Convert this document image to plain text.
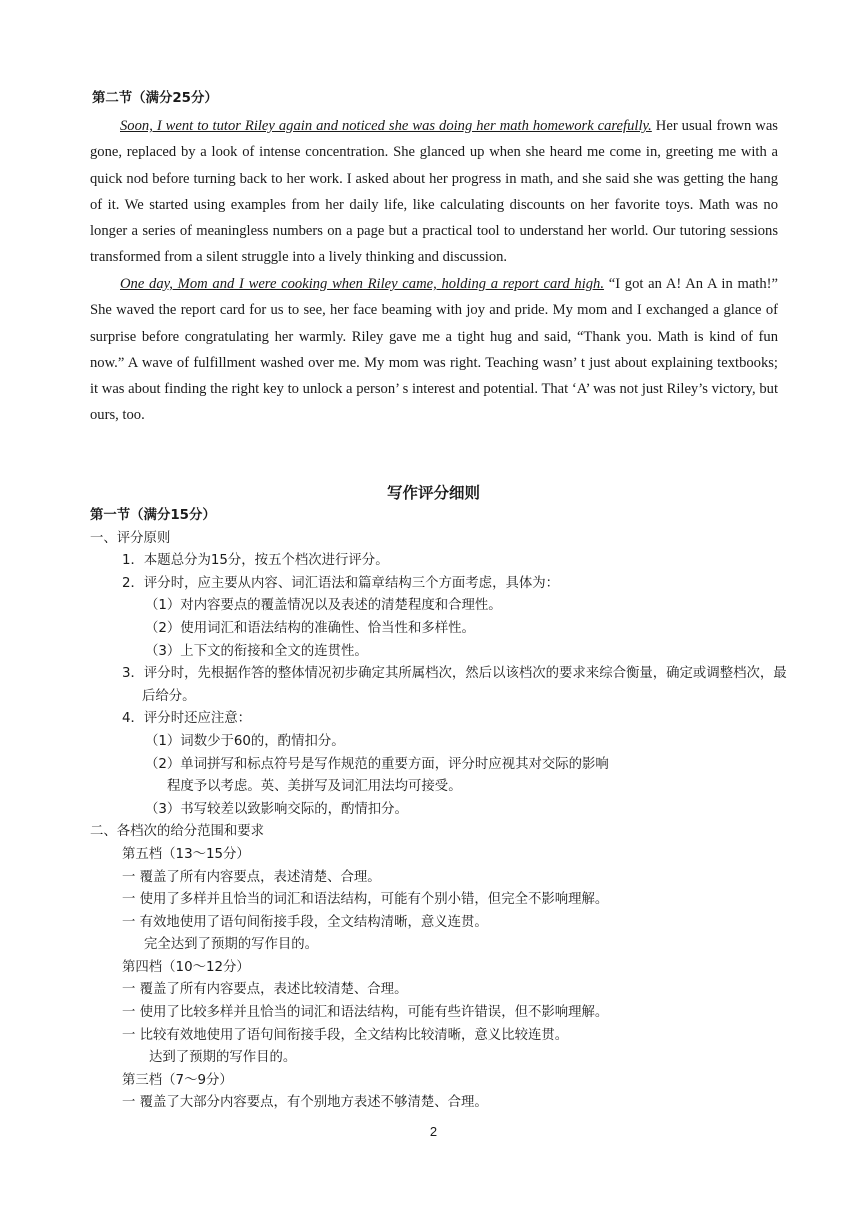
第二节（满分25分）

Soon, I went to tutor Riley again and noticed she was doing her math homework carefully. Her usual frown was gone, replaced by a look of intense concentration. She glanced up when she heard me come in, greeting me with a quick nod before turning back to her work. I asked about her progress in math, and she said she was getting the hang of it. We started using examples from her daily life, like calculating discounts on her favorite toys. Math was no longer a series of meaningless numbers on a page but a practical tool to understand her world. Our tutoring sessions transformed from a silent struggle into a lively thinking and discussion.

One day, Mom and I were cooking when Riley came, holding a report card high. “I got an A! An A in math!” She waved the report card for us to see, her face beaming with joy and pride. My mom and I exchanged a glance of surprise before congratulating her warmly. Riley gave me a tight hug and said, “Thank you. Math is kind of fun now.” A wave of fulfillment washed over me. My mom was right. Teaching wasn’ t just about explaining textbooks; it was about finding the right key to unlock a person’ s interest and potential. That ‘A’ was not just Riley’s victory, but ours, too.

写作评分细则
第一节（满分15分）
一、评分原则
1．本题总分为15分，按五个档次进行评分。
2．评分时，应主要从内容、词汇语法和篇章结构三个方面考虑，具体为：
（1）对内容要点的覆盖情况以及表述的清楚程度和合理性。
（2）使用词汇和语法结构的准确性、恰当性和多样性。
（3）上下文的衔接和全文的连贯性。
3．评分时，先根据作答的整体情况初步确定其所属档次，然后以该档次的要求来综合衡量，确定或调整档次，最后给分。
4．评分时还应注意：
（1）词数少于60的，酌情扣分。
（2）单词拼写和标点符号是写作规范的重要方面，评分时应视其对交际的影响
程度予以考虑。英、美拼写及词汇用法均可接受。
（3）书写较差以致影响交际的，酌情扣分。
二、各档次的给分范围和要求
第五档（13～15分）
一 覆盖了所有内容要点，表述清楚、合理。
一 使用了多样并且恰当的词汇和语法结构，可能有个别小错，但完全不影响理解。
一 有效地使用了语句间衔接手段，全文结构清晰，意义连贯。
完全达到了预期的写作目的。
第四档（10～12分）
一 覆盖了所有内容要点，表述比较清楚、合理。
一 使用了比较多样并且恰当的词汇和语法结构，可能有些许错误，但不影响理解。
一 比较有效地使用了语句间衔接手段，全文结构比较清晰，意义比较连贯。
达到了预期的写作目的。
第三档（7～9分）
一 覆盖了大部分内容要点，有个别地方表述不够清楚、合理。
2
